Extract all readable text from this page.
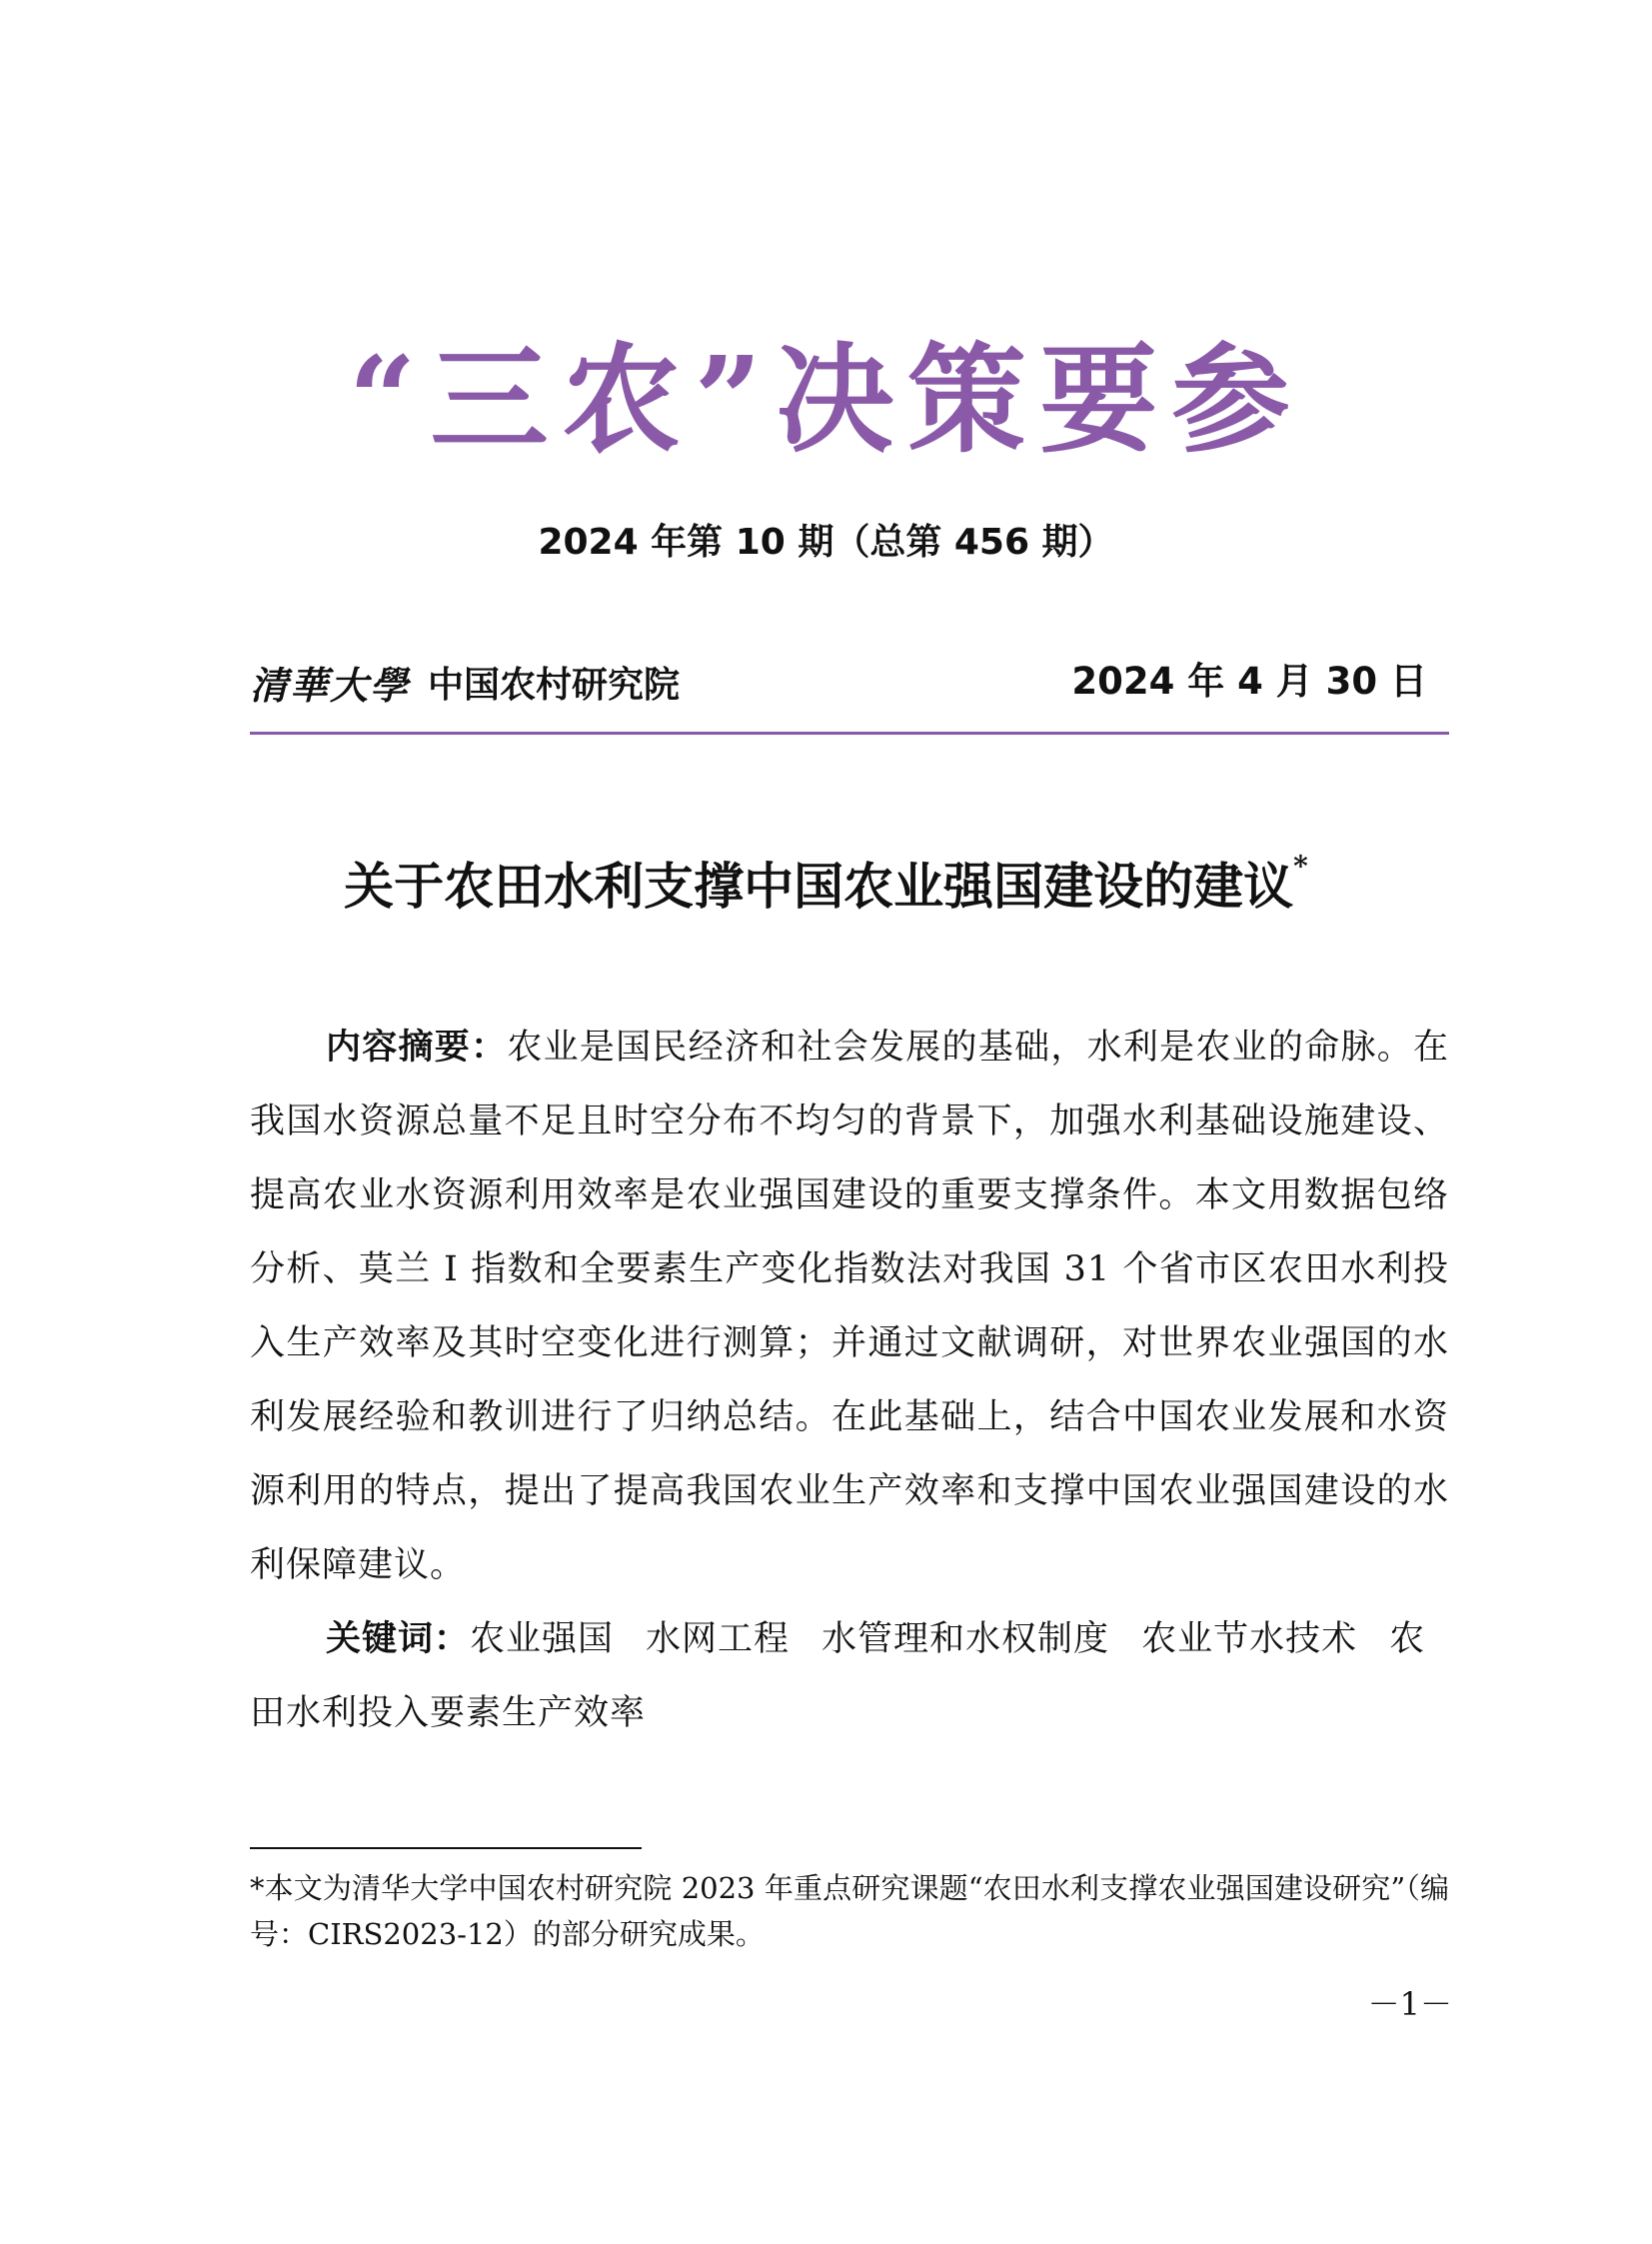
“三农”决策要参
2024 年第 10 期（总第 456 期）
清華大學 中国农村研究院	2024 年 4 月 30 日
关于农田水利支撑中国农业强国建设的建议*
内容摘要：农业是国民经济和社会发展的基础，水利是农业的命脉。在我国水资源总量不足且时空分布不均匀的背景下，加强水利基础设施建设、提高农业水资源利用效率是农业强国建设的重要支撑条件。本文用数据包络分析、莫兰 I 指数和全要素生产变化指数法对我国 31 个省市区农田水利投入生产效率及其时空变化进行测算；并通过文献调研，对世界农业强国的水利发展经验和教训进行了归纳总结。在此基础上，结合中国农业发展和水资源利用的特点，提出了提高我国农业生产效率和支撑中国农业强国建设的水利保障建议。
关键词：农业强国 水网工程 水管理和水权制度 农业节水技术 农田水利投入要素生产效率
*本文为清华大学中国农村研究院 2023 年重点研究课题“农田水利支撑农业强国建设研究”（编号：CIRS2023-12）的部分研究成果。
－1－
